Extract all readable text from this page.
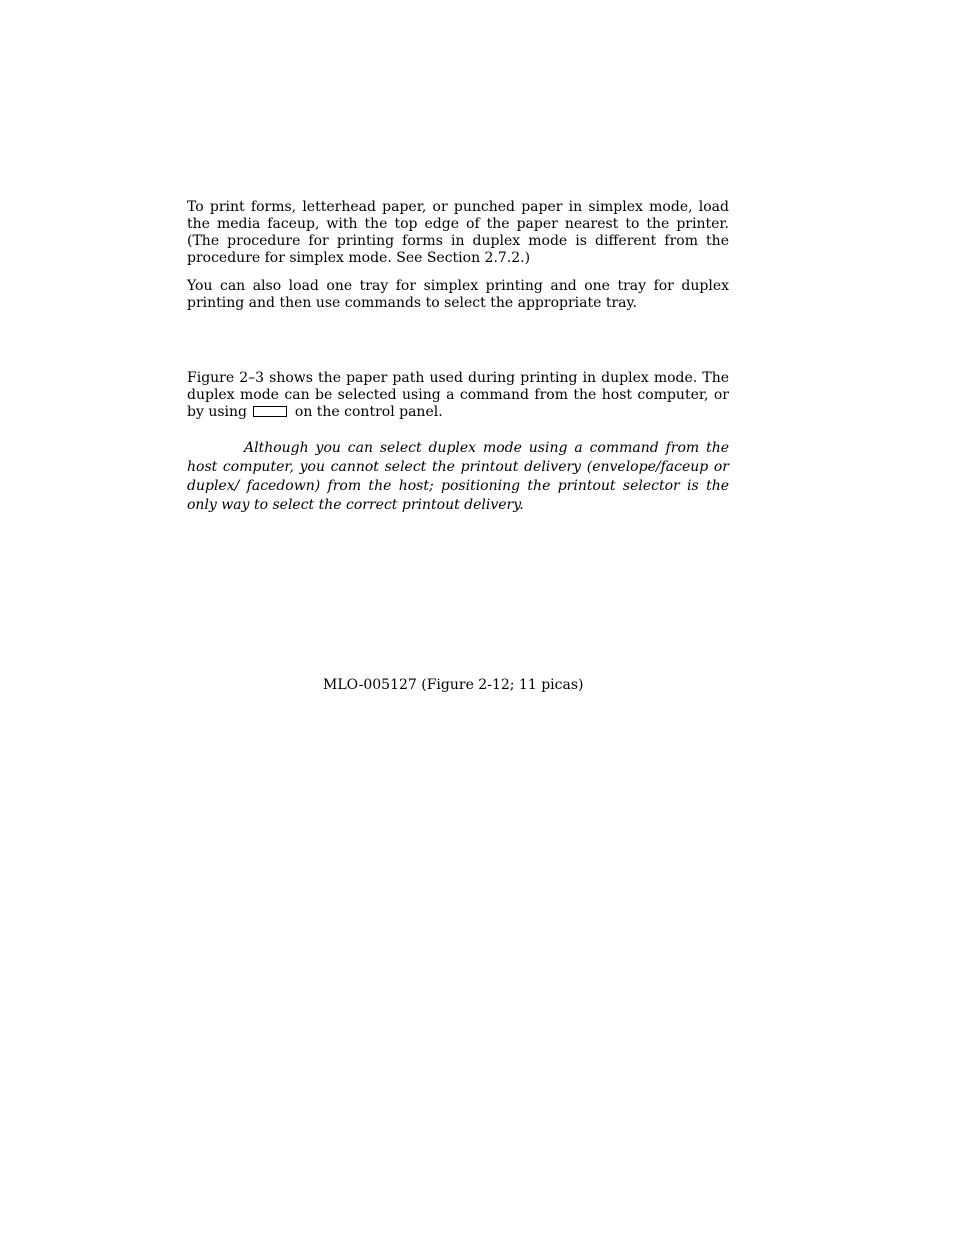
To print forms, letterhead paper, or punched paper in simplex mode, load the media faceup, with the top edge of the paper nearest to the printer. (The procedure for printing forms in duplex mode is different from the procedure for simplex mode. See Section 2.7.2.)

You can also load one tray for simplex printing and one tray for duplex printing and then use commands to select the appropriate tray.

Figure 2–3 shows the paper path used during printing in duplex mode. The duplex mode can be selected using a command from the host computer, or by using	on the control panel.

Although you can select duplex mode using a command from the host computer, you cannot select the printout delivery (envelope/faceup or duplex/ facedown) from the host; positioning the printout selector is the only way to select the correct printout delivery.

MLO-005127 (Figure 2-12; 11 picas)
